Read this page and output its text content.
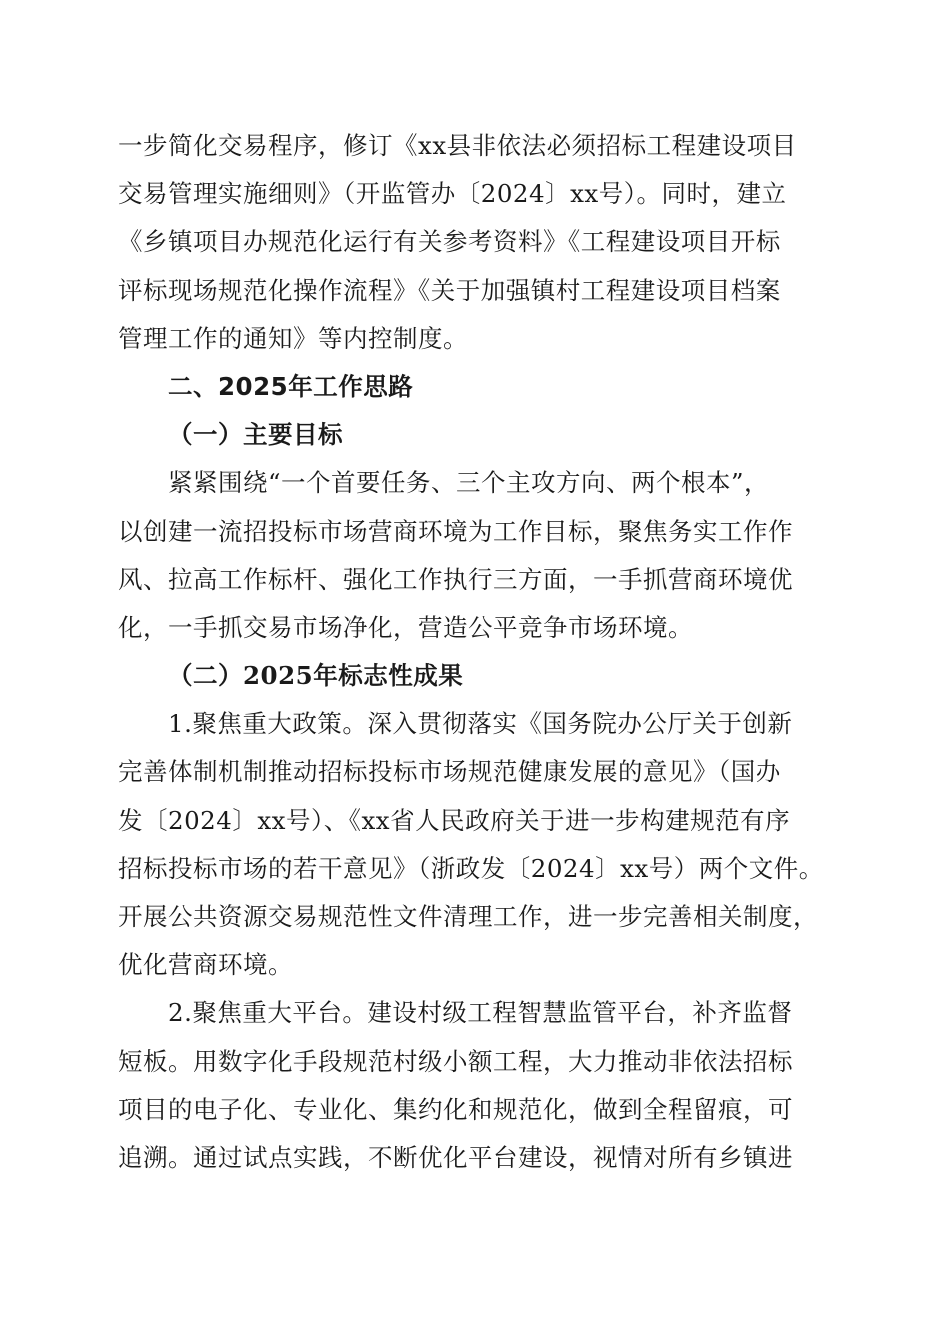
一步简化交易程序，修订《xx县非依法必须招标工程建设项目
交易管理实施细则》（开监管办〔2024〕xx号）。同时，建立
《乡镇项目办规范化运行有关参考资料》《工程建设项目开标
评标现场规范化操作流程》《关于加强镇村工程建设项目档案
管理工作的通知》等内控制度。
二、2025年工作思路
（一）主要目标
紧紧围绕“一个首要任务、三个主攻方向、两个根本”，
以创建一流招投标市场营商环境为工作目标，聚焦务实工作作
风、拉高工作标杆、强化工作执行三方面，一手抓营商环境优
化，一手抓交易市场净化，营造公平竞争市场环境。
（二）2025年标志性成果
1.聚焦重大政策。深入贯彻落实《国务院办公厅关于创新
完善体制机制推动招标投标市场规范健康发展的意见》（国办
发〔2024〕xx号）、《xx省人民政府关于进一步构建规范有序
招标投标市场的若干意见》（浙政发〔2024〕xx号）两个文件。
开展公共资源交易规范性文件清理工作，进一步完善相关制度，
优化营商环境。
2.聚焦重大平台。建设村级工程智慧监管平台，补齐监督
短板。用数字化手段规范村级小额工程，大力推动非依法招标
项目的电子化、专业化、集约化和规范化，做到全程留痕，可
追溯。通过试点实践，不断优化平台建设，视情对所有乡镇进
